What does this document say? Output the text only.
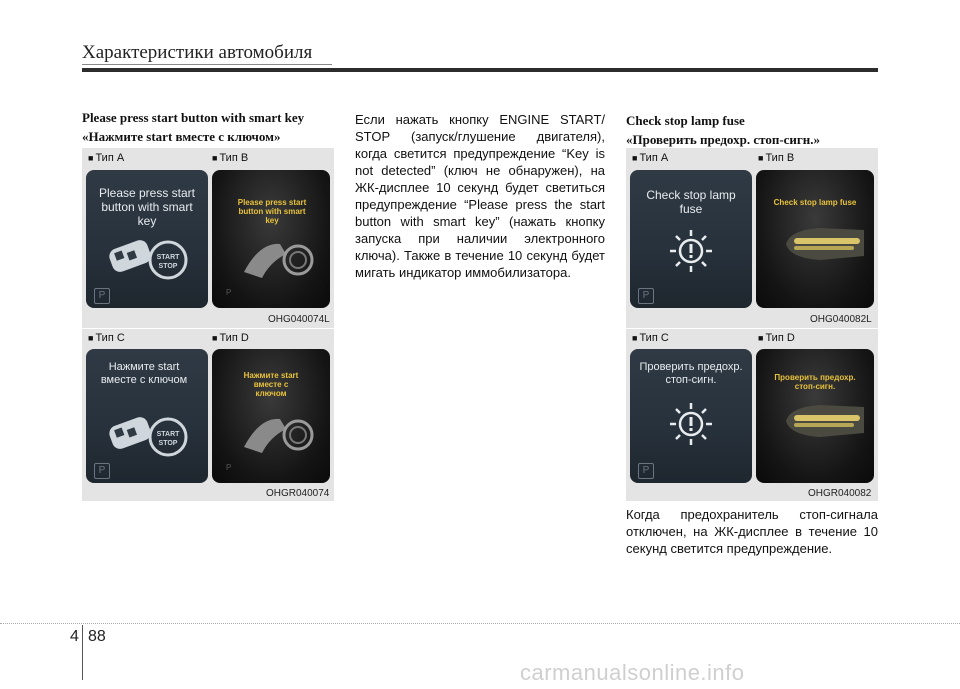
Характеристики автомобиля
Please press start button with smart key
«Нажмите start вместе с ключом»
■ Тип A	■ Тип B
Please press start button with smart key
START
STOP
P
Please press start button with smart key
P
OHG040074L
■ Тип C	■ Тип D
Нажмите start вместе с ключом
START
STOP
P
Нажмите start вместе с ключом
P
OHGR040074
Если нажать кнопку ENGINE START/ STOP (запуск/глушение двигателя), когда светится предупреждение “Key is not detected” (ключ не обнаружен), на ЖК-дисплее 10 секунд будет светиться предупреждение “Please press the start button with smart key” (нажать кнопку запуска при наличии электронного ключа). Также в течение 10 секунд будет мигать индикатор иммобилизатора.
Check stop lamp fuse
«Проверить предохр. стоп-сигн.»
■ Тип A	■ Тип B
Check stop lamp fuse
P
Check stop lamp fuse
OHG040082L
■ Тип C	■ Тип D
Проверить предохр. стоп-сигн.
P
Проверить предохр. стоп-сигн.
OHGR040082
Когда предохранитель стоп-сигнала отключен, на ЖК-дисплее в течение 10 секунд светится предупреждение.
4 88
carmanualsonline.info
